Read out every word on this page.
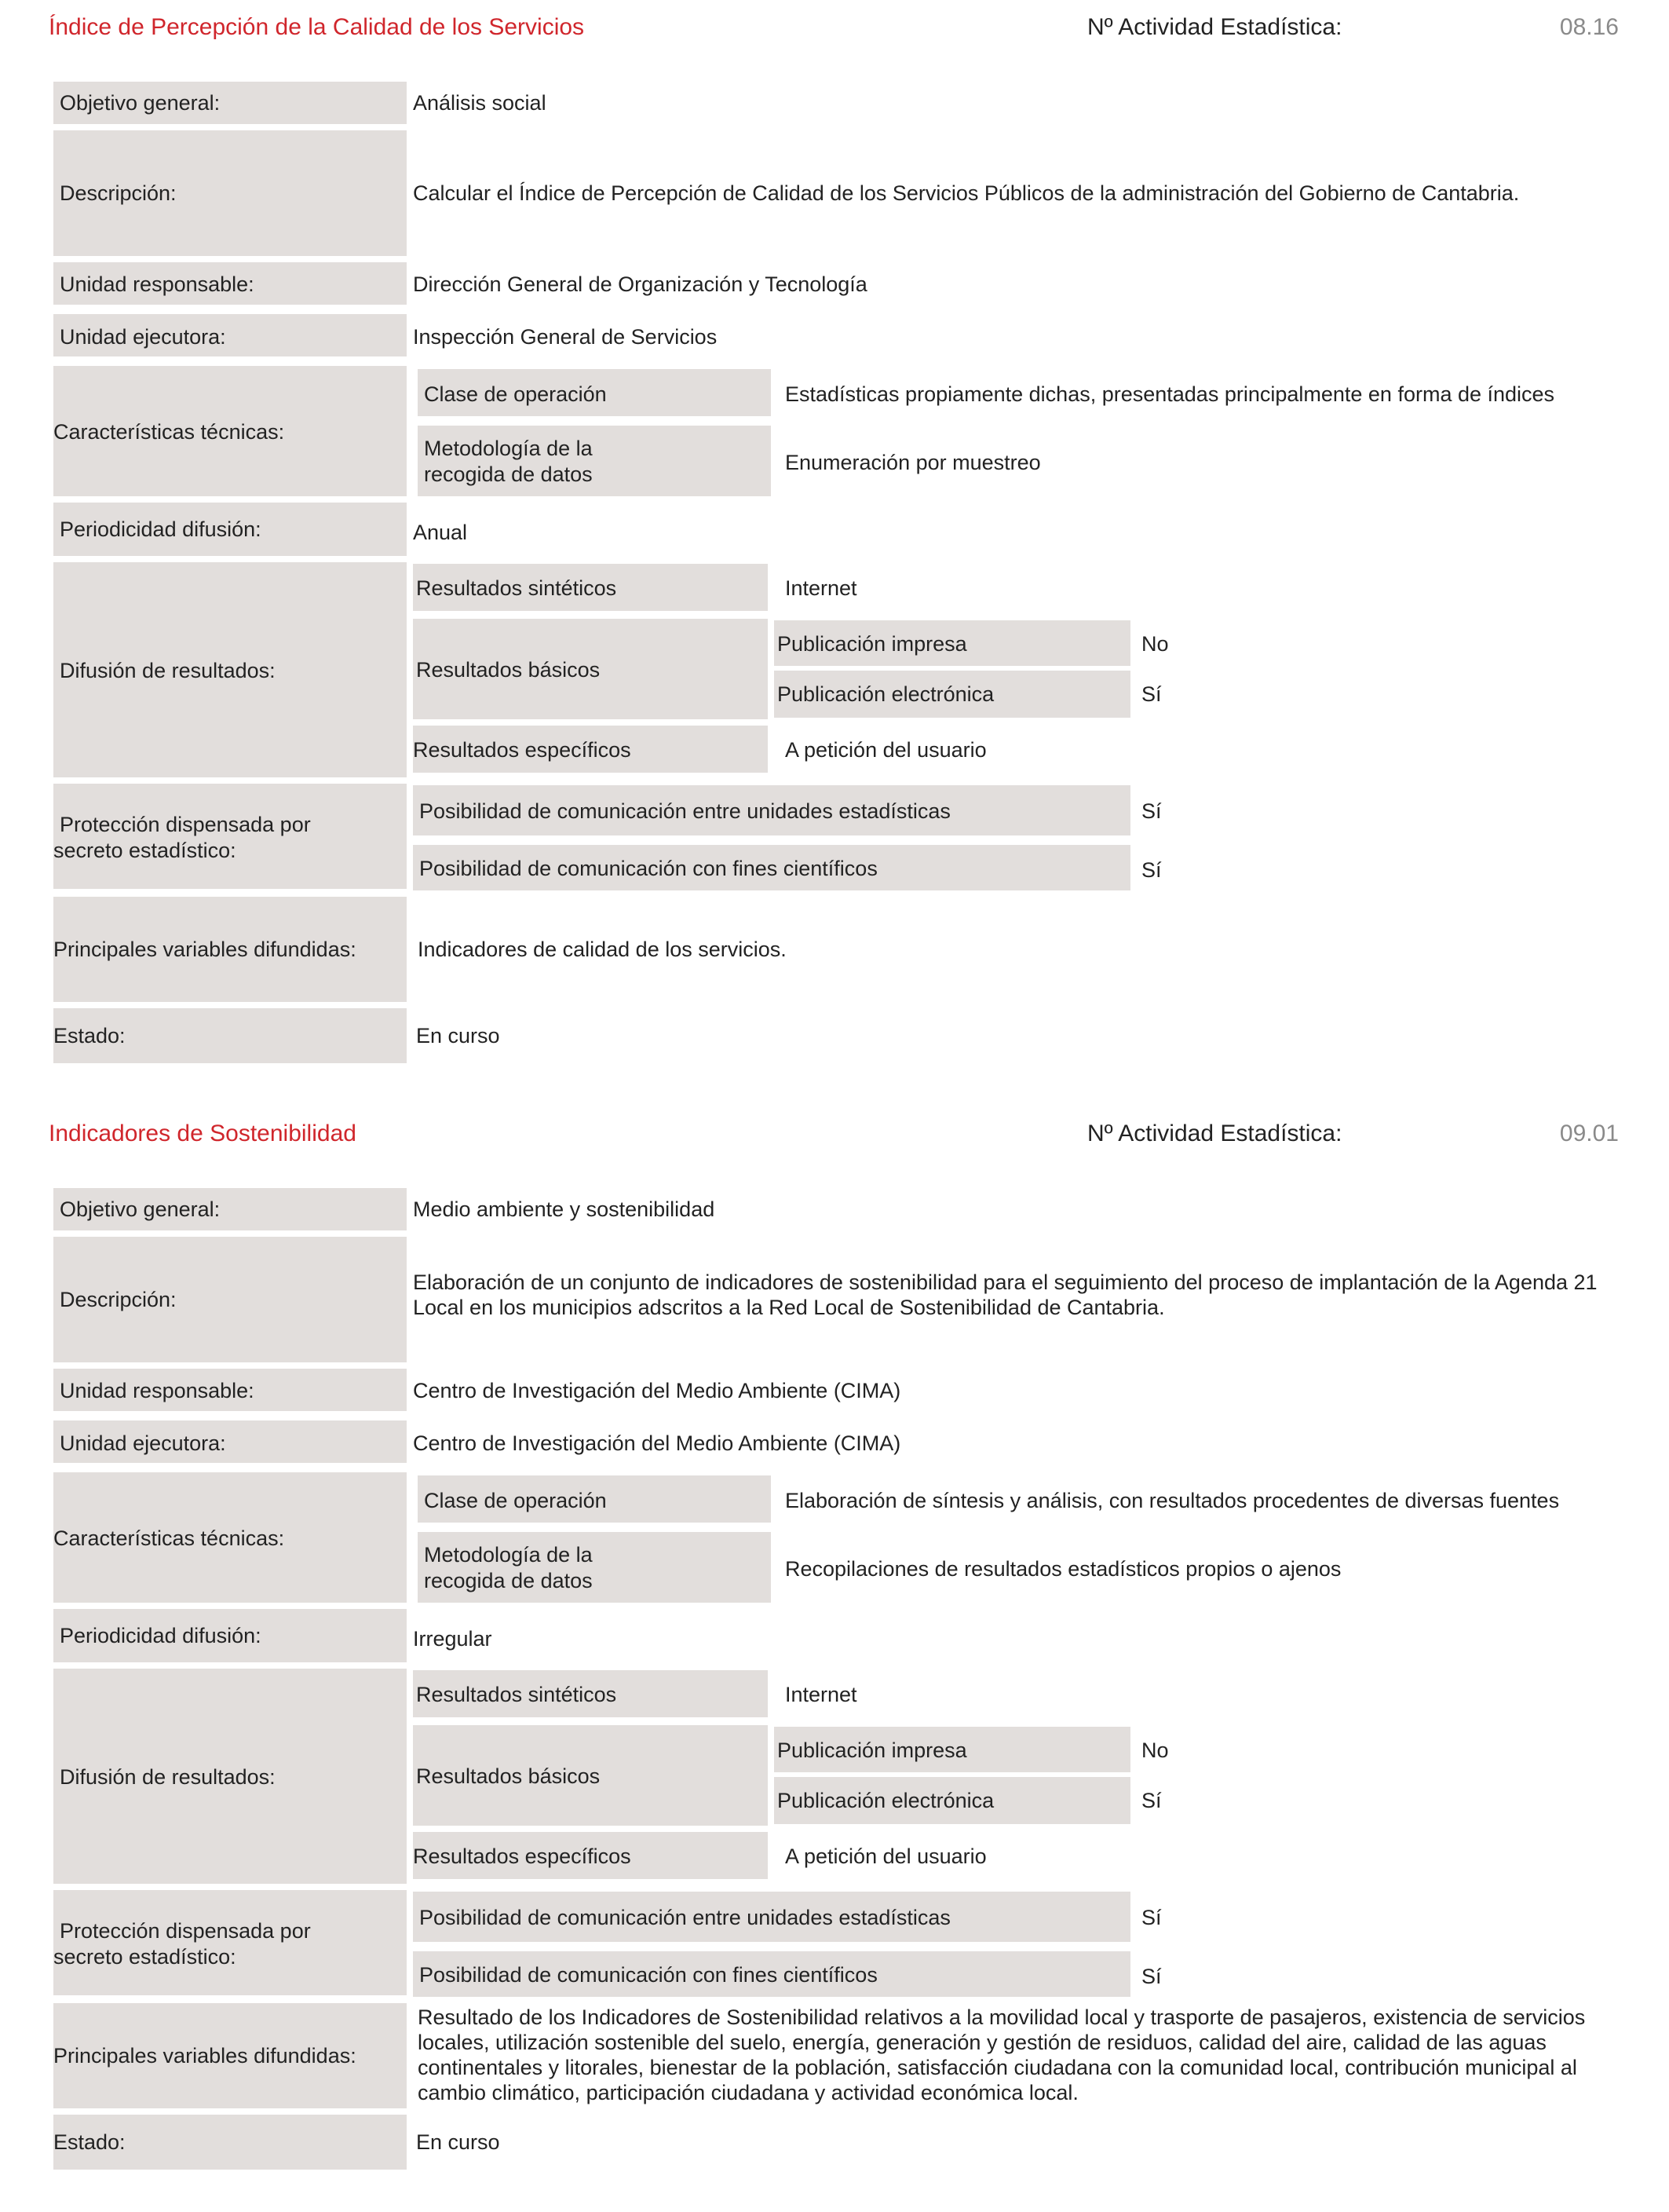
Índice de Percepción de la Calidad de los Servicios	Nº Actividad Estadística:	08.16
Objetivo general:	Análisis social
Descripción:	Calcular el Índice de Percepción de Calidad de los Servicios Públicos de la administración del Gobierno de Cantabria.
Unidad responsable:	Dirección General de Organización y Tecnología
Unidad ejecutora:	Inspección General de Servicios
Características técnicas:
Clase de operación	Estadísticas propiamente dichas, presentadas principalmente en forma de índices
Metodología de la
recogida de datos	Enumeración por muestreo
Periodicidad difusión:	Anual
Difusión de resultados:
Resultados sintéticos	Internet
Resultados básicos
Publicación impresa	No
Publicación electrónica	Sí
Resultados específicos	A petición del usuario
Protección dispensada por
secreto estadístico:
Posibilidad de comunicación entre unidades estadísticas	Sí
Posibilidad de comunicación con fines científicos	Sí
Principales variables difundidas:	Indicadores de calidad de los servicios.
Estado:	En curso
Indicadores de Sostenibilidad	Nº Actividad Estadística:	09.01
Objetivo general:	Medio ambiente y sostenibilidad
Descripción:
Elaboración de un conjunto de indicadores de sostenibilidad para el seguimiento del proceso de implantación de la Agenda 21 Local en los municipios adscritos a la Red Local de Sostenibilidad de Cantabria.
Unidad responsable:	Centro de Investigación del Medio Ambiente (CIMA)
Unidad ejecutora:	Centro de Investigación del Medio Ambiente (CIMA)
Características técnicas:
Clase de operación	Elaboración de síntesis y análisis, con resultados procedentes de diversas fuentes
Metodología de la
recogida de datos	Recopilaciones de resultados estadísticos propios o ajenos
Periodicidad difusión:	Irregular
Difusión de resultados:
Resultados sintéticos	Internet
Resultados básicos
Publicación impresa	No
Publicación electrónica	Sí
Resultados específicos	A petición del usuario
Protección dispensada por
secreto estadístico:
Posibilidad de comunicación entre unidades estadísticas	Sí
Posibilidad de comunicación con fines científicos	Sí
Principales variables difundidas:
Resultado de los Indicadores de Sostenibilidad relativos a la movilidad local y trasporte de pasajeros, existencia de servicios locales, utilización sostenible del suelo, energía, generación y gestión de residuos, calidad del aire, calidad de las aguas continentales y litorales, bienestar de la población, satisfacción ciudadana con la comunidad local, contribución municipal al cambio climático, participación ciudadana y actividad económica local.
Estado:	En curso
